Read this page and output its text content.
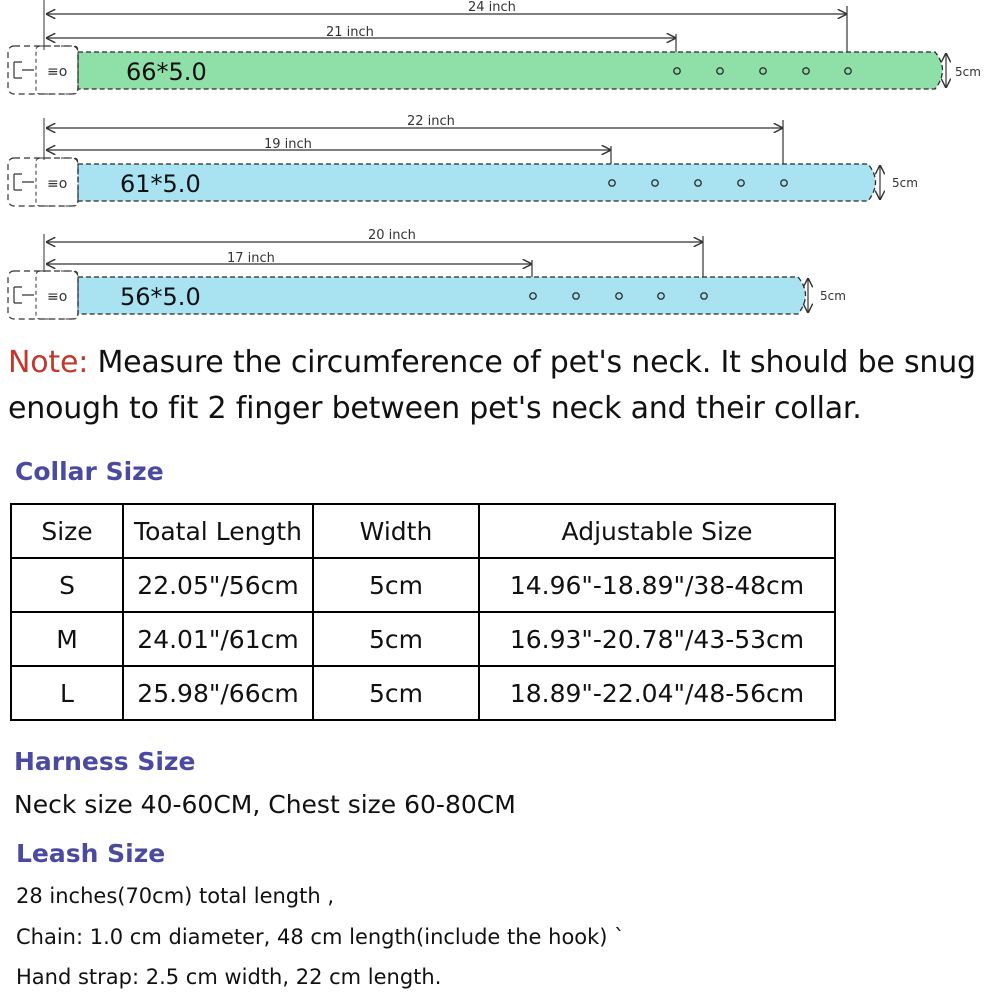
24 inch
21 inch
≡o 66*5.0	5cm
22 inch
19 inch
≡o 61*5.0	5cm
20 inch
17 inch
≡o 56*5.0	5cm
Note: Measure the circumference of pet's neck. It should be snug enough to fit 2 finger between pet's neck and their collar.
Collar Size
Size	Toatal Length	Width	Adjustable Size
S	22.05"/56cm	5cm	14.96"-18.89"/38-48cm
M	24.01"/61cm	5cm	16.93"-20.78"/43-53cm
L	25.98"/66cm	5cm	18.89"-22.04"/48-56cm
Harness Size
Neck size 40-60CM, Chest size 60-80CM
Leash Size
28 inches(70cm) total length ,
Chain: 1.0 cm diameter, 48 cm length(include the hook) ˋ
Hand strap: 2.5 cm width, 22 cm length.
